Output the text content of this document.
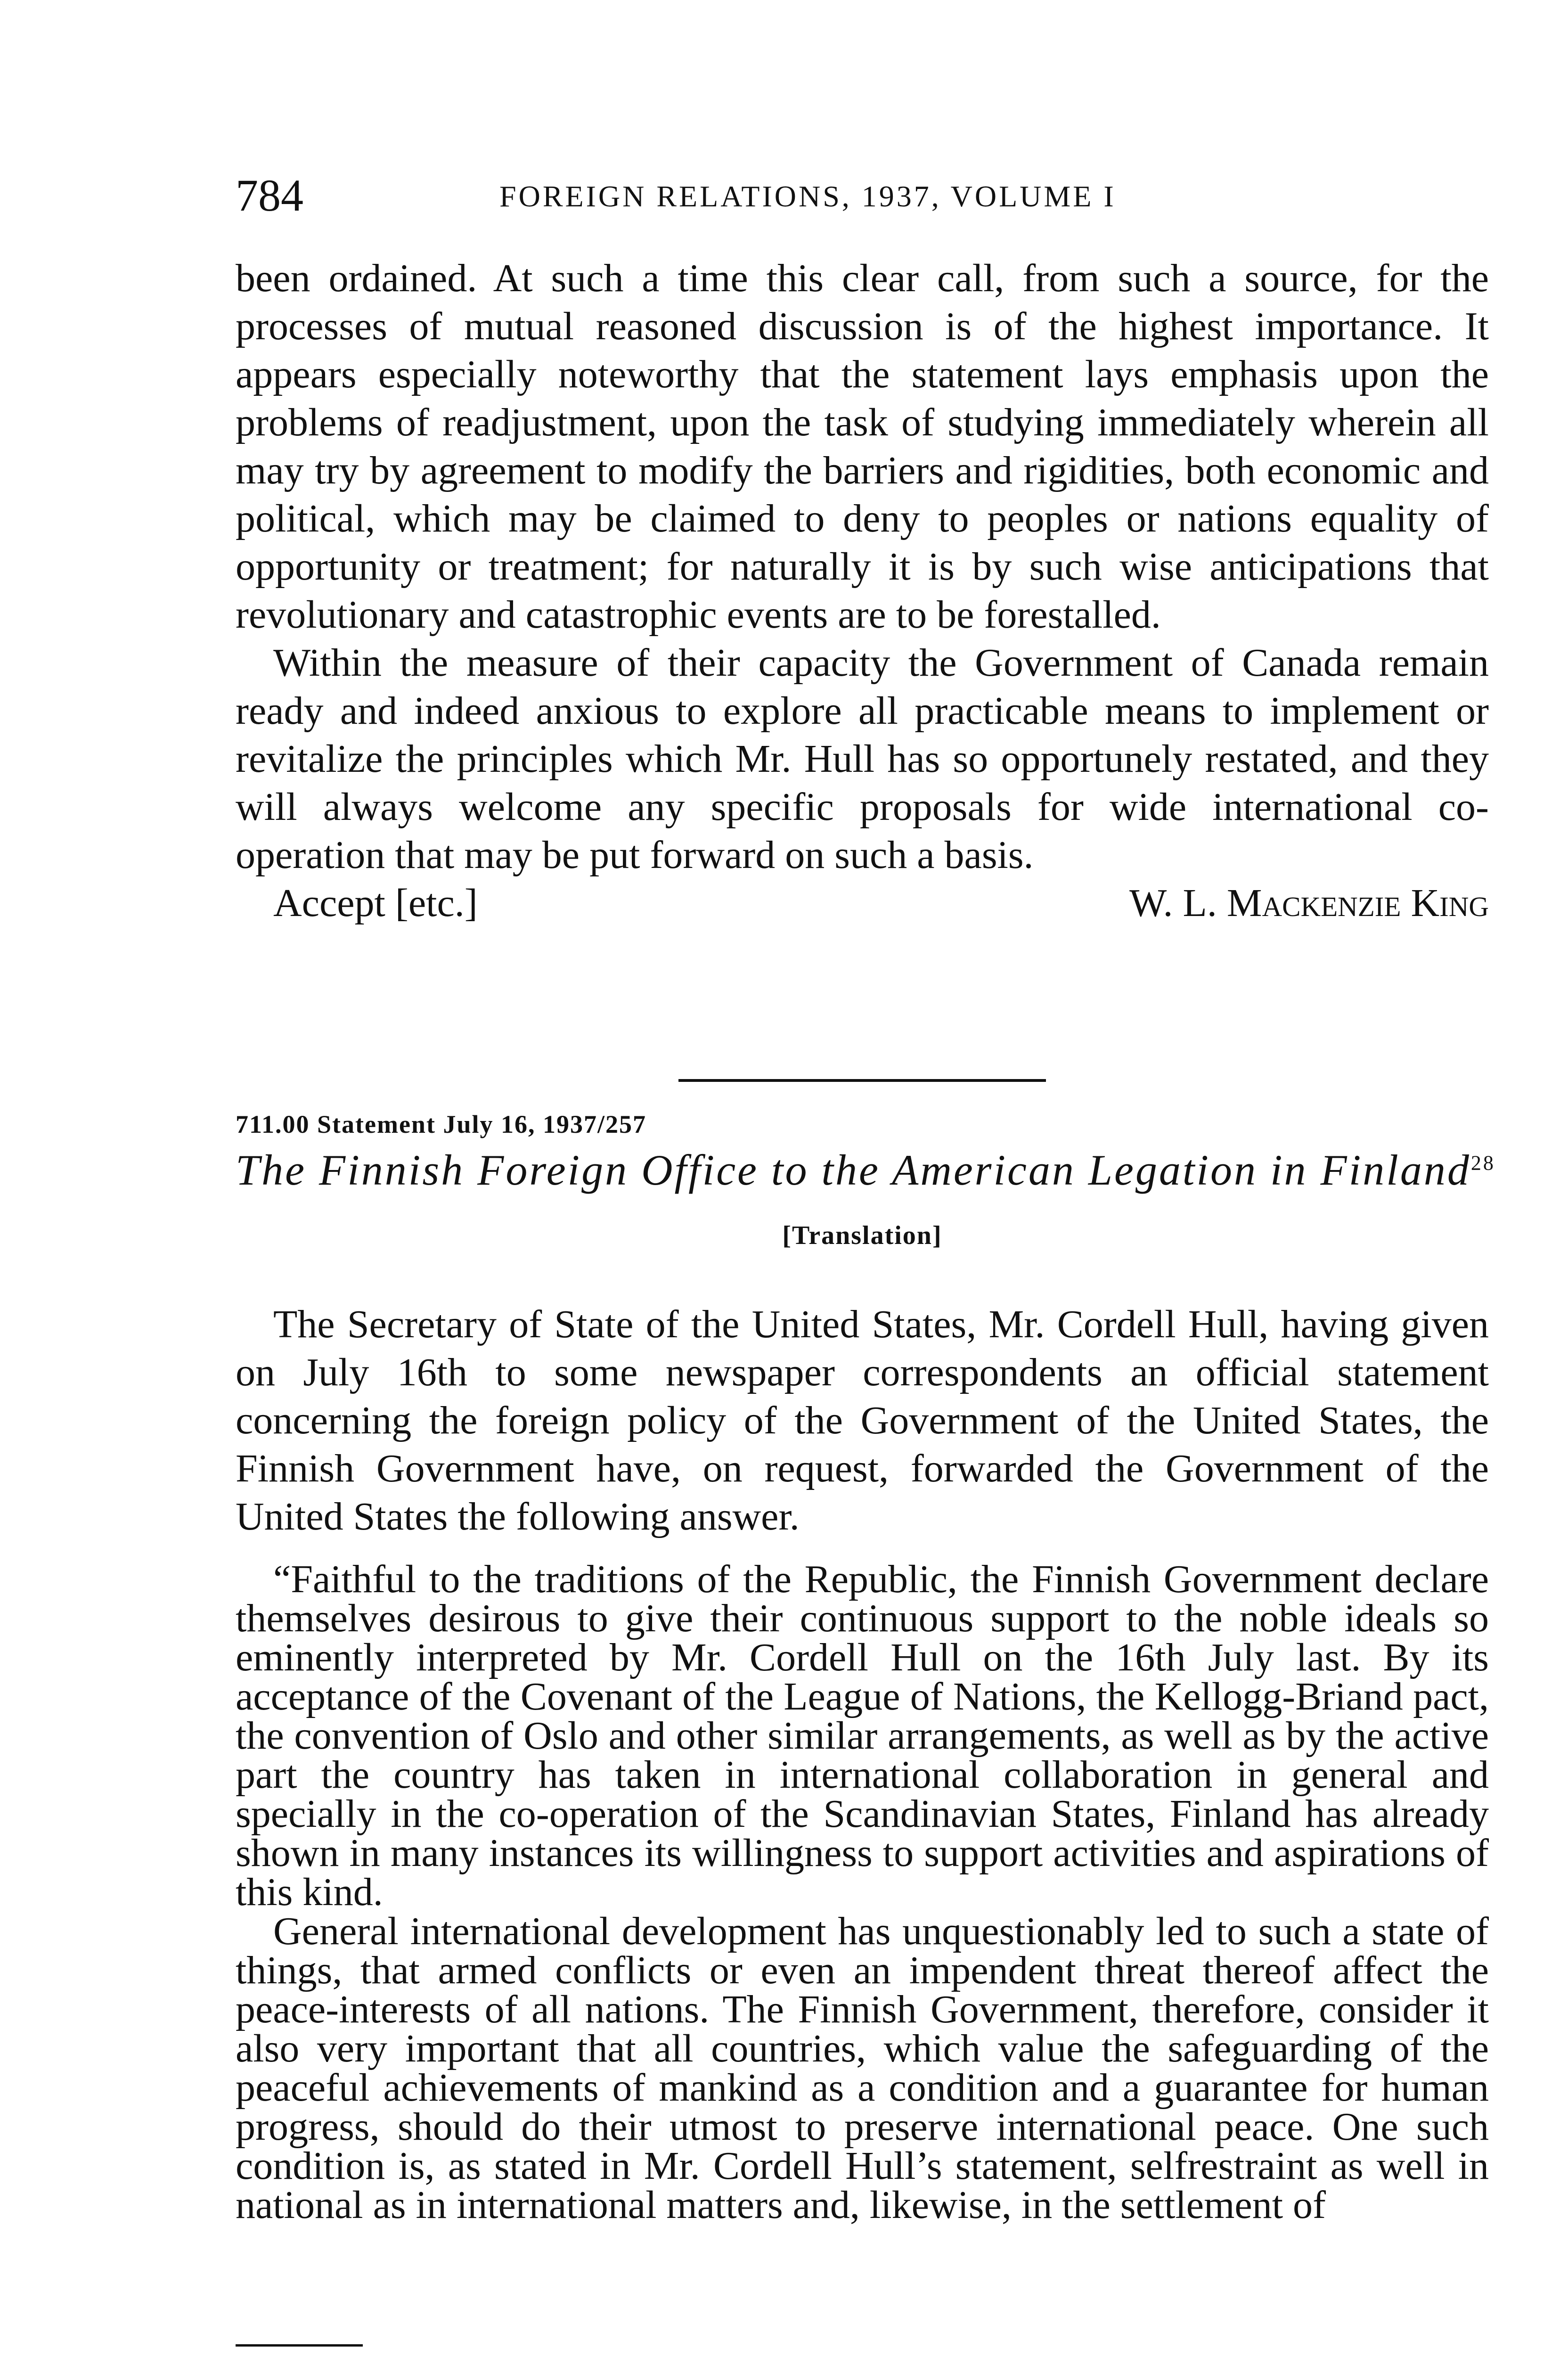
784	FOREIGN RELATIONS, 1937, VOLUME I

been ordained. At such a time this clear call, from such a source, for the processes of mutual reasoned discussion is of the highest importance. It appears especially noteworthy that the statement lays emphasis upon the problems of readjustment, upon the task of studying immediately wherein all may try by agreement to modify the barriers and rigidities, both economic and political, which may be claimed to deny to peoples or nations equality of opportunity or treatment; for naturally it is by such wise anticipations that revolutionary and catastrophic events are to be forestalled.

Within the measure of their capacity the Government of Canada remain ready and indeed anxious to explore all practicable means to implement or revitalize the principles which Mr. Hull has so opportunely restated, and they will always welcome any specific proposals for wide international co-operation that may be put forward on such a basis.

Accept [etc.]	W. L. Mackenzie King
711.00 Statement July 16, 1937/257
The Finnish Foreign Office to the American Legation in Finland$^{28}$
[Translation]

The Secretary of State of the United States, Mr. Cordell Hull, having given on July 16th to some newspaper correspondents an official statement concerning the foreign policy of the Government of the United States, the Finnish Government have, on request, forwarded the Government of the United States the following answer.

“Faithful to the traditions of the Republic, the Finnish Government declare themselves desirous to give their continuous support to the noble ideals so eminently interpreted by Mr. Cordell Hull on the 16th July last. By its acceptance of the Covenant of the League of Nations, the Kellogg-Briand pact, the convention of Oslo and other similar arrangements, as well as by the active part the country has taken in international collaboration in general and specially in the co-operation of the Scandinavian States, Finland has already shown in many instances its willingness to support activities and aspirations of this kind.

General international development has unquestionably led to such a state of things, that armed conflicts or even an impendent threat thereof affect the peace-interests of all nations. The Finnish Government, therefore, consider it also very important that all countries, which value the safeguarding of the peaceful achievements of mankind as a condition and a guarantee for human progress, should do their utmost to preserve international peace. One such condition is, as stated in Mr. Cordell Hull’s statement, selfrestraint as well in national as in international matters and, likewise, in the settlement of
